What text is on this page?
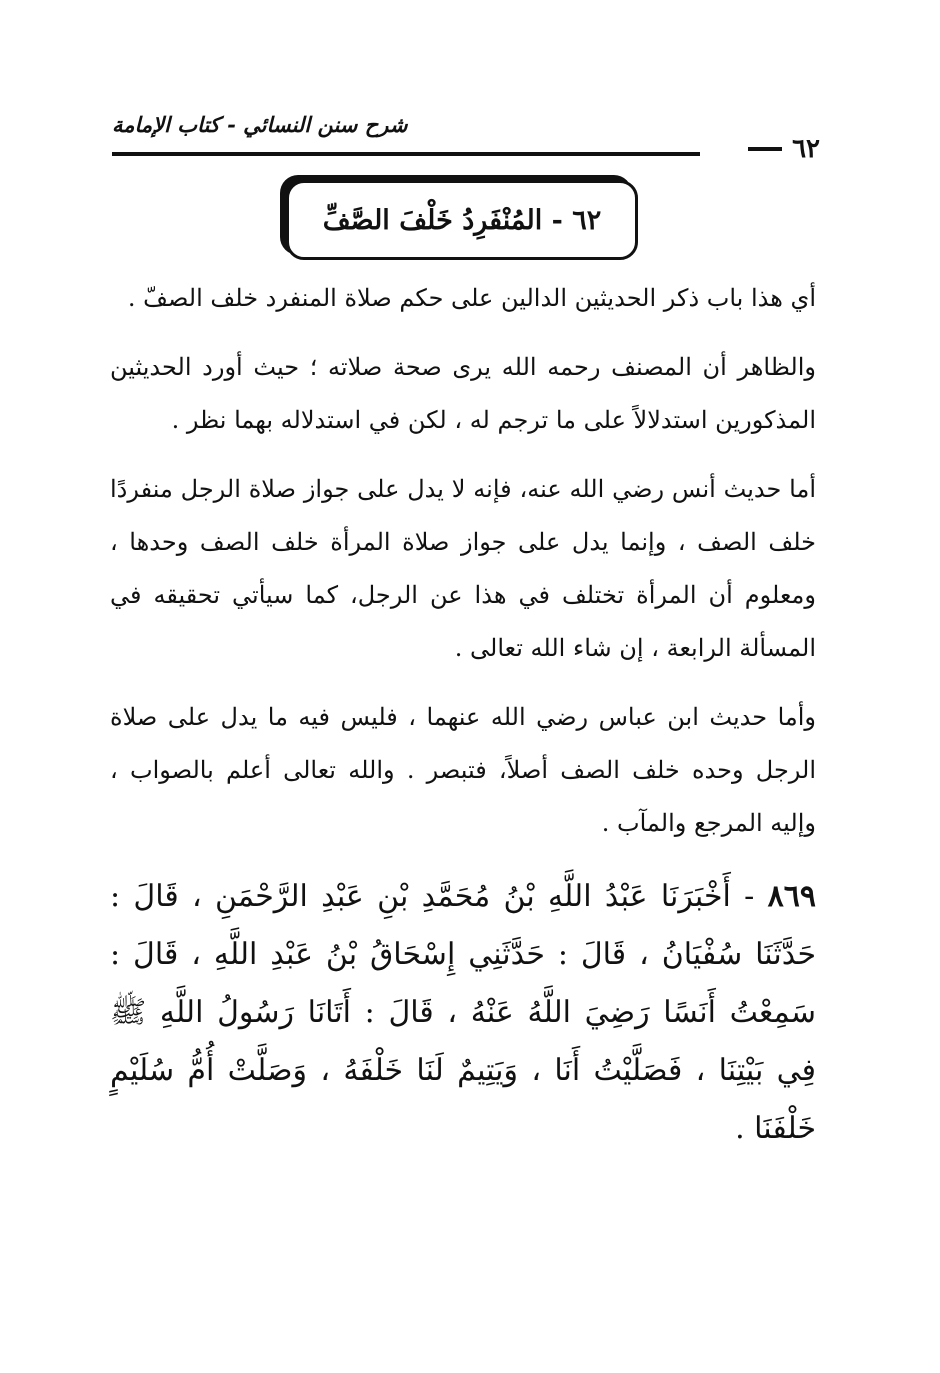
شرح سنن النسائي - كتاب الإمامة
٦٢
٦٢ - المُنْفَرِدُ خَلْفَ الصَّفِّ

أي هذا باب ذكر الحديثين الدالين على حكم صلاة المنفرد خلف الصفّ .

والظاهر أن المصنف رحمه الله يرى صحة صلاته ؛ حيث أورد الحديثين المذكورين استدلالاً على ما ترجم له ، لكن في استدلاله بهما نظر .

أما حديث أنس رضي الله عنه، فإنه لا يدل على جواز صلاة الرجل منفردًا خلف الصف ، وإنما يدل على جواز صلاة المرأة خلف الصف وحدها ، ومعلوم أن المرأة تختلف في هذا عن الرجل، كما سيأتي تحقيقه في المسألة الرابعة ، إن شاء الله تعالى .

وأما حديث ابن عباس رضي الله عنهما ، فليس فيه ما يدل على صلاة الرجل وحده خلف الصف أصلاً، فتبصر . والله تعالى أعلم بالصواب ، وإليه المرجع والمآب .

٨٦٩ - أَخْبَرَنَا عَبْدُ اللَّهِ بْنُ مُحَمَّدِ بْنِ عَبْدِ الرَّحْمَنِ ، قَالَ : حَدَّثَنَا سُفْيَانُ ، قَالَ : حَدَّثَنِي إِسْحَاقُ بْنُ عَبْدِ اللَّهِ ، قَالَ : سَمِعْتُ أَنَسًا رَضِيَ اللَّهُ عَنْهُ ، قَالَ : أَتَانَا رَسُولُ اللَّهِ ﷺ فِي بَيْتِنَا ، فَصَلَّيْتُ أَنَا ، وَيَتِيمٌ لَنَا خَلْفَهُ ، وَصَلَّتْ أُمُّ سُلَيْمٍ خَلْفَنَا .
